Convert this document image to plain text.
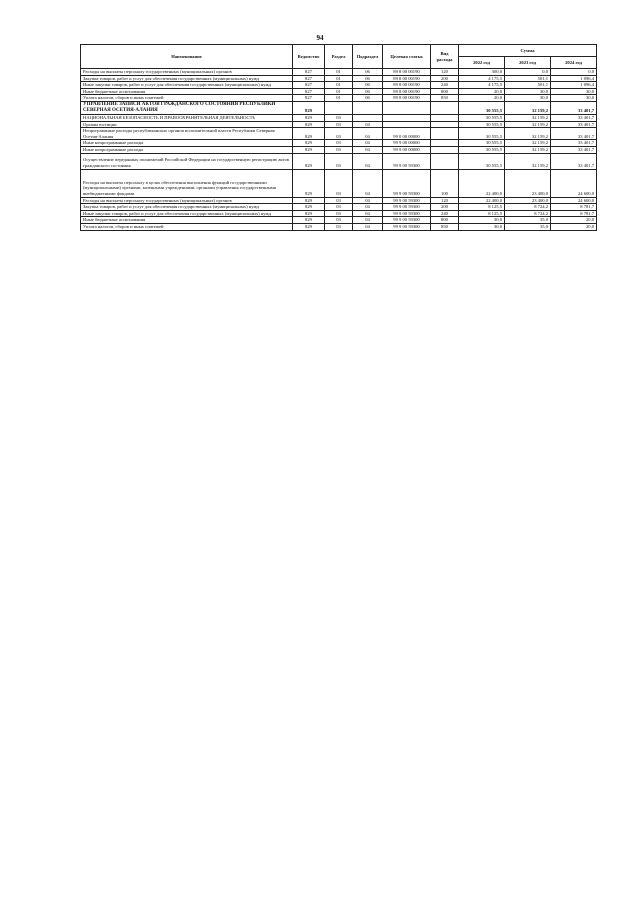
94
Наименование	Ведомство	Раздел	Подраздел	Целевая статья	Вид расхода	Сумма		
						2022 год	2023 год	2024 год
Расходы на выплаты персоналу государственных (муниципальных) органов	827	01	06	89 8 00 00190	120	300,0	0,0	0,0
Закупка товаров, работ и услуг для обеспечения государственных (муниципальных) нужд	827	01	06	89 8 00 00190	200	4 175,5	501,1	1 096,4
Иные закупки товаров, работ и услуг для обеспечения государственных (муниципальных) нужд	827	01	06	89 8 00 00190	240	4 175,5	501,1	1 096,4
Иные бюджетные ассигнования	827	01	06	89 8 00 00190	800	20,0	30,0	30,0
Уплата налогов, сборов и иных платежей	827	01	06	89 8 00 00190	850	20,0	30,0	30,0
УПРАВЛЕНИЕ ЗАПИСИ АКТОВ ГРАЖДАНСКОГО СОСТОЯНИЯ РЕСПУБЛИКИ СЕВЕРНАЯ ОСЕТИЯ-АЛАНИЯ	829					30 555,5	32 159,2	33 401,7
НАЦИОНАЛЬНАЯ БЕЗОПАСНОСТЬ И ПРАВООХРАНИТЕЛЬНАЯ ДЕЯТЕЛЬНОСТЬ	829	03				30 555,5	32 159,2	33 401,7
Органы юстиции	829	03	04			30 555,5	32 159,2	33 401,7
Непрограммные расходы республиканских органов исполнительной власти Республики Северная Осетия-Алания	829	03	04	99 0 00 00000		30 555,5	32 159,2	33 401,7
Иные непрограммные расходы	829	03	04	99 9 00 00000		30 555,5	32 159,2	33 401,7
Иные непрограммные расходы	829	03	04	99 9 00 00000		30 555,5	32 159,2	33 401,7
Осуществление переданных полномочий Российской Федерации на государственную регистрацию актов гражданского состояния	829	03	04	99 9 00 59300		30 555,5	32 159,2	33 401,7
Расходы на выплаты персоналу в целях обеспечения выполнения функций государственными (муниципальными) органами, казенными учреждениями, органами управления государственными внебюджетными фондами	829	03	04	99 9 00 59300	100	22 400,0	23 400,0	24 600,0
Расходы на выплаты персоналу государственных (муниципальных) органов	829	03	04	99 9 00 59300	120	22 400,0	23 400,0	24 600,0
Закупка товаров, работ и услуг для обеспечения государственных (муниципальных) нужд	829	03	04	99 9 00 59300	200	8 125,5	8 724,2	8 781,7
Иные закупки товаров, работ и услуг для обеспечения государственных (муниципальных) нужд	829	03	04	99 9 00 59300	240	8 125,5	8 724,2	8 781,7
Иные бюджетные ассигнования	829	03	04	99 9 00 59300	800	30,0	35,0	20,0
Уплата налогов, сборов и иных платежей	829	03	04	99 9 00 59300	850	30,0	35,0	20,0
